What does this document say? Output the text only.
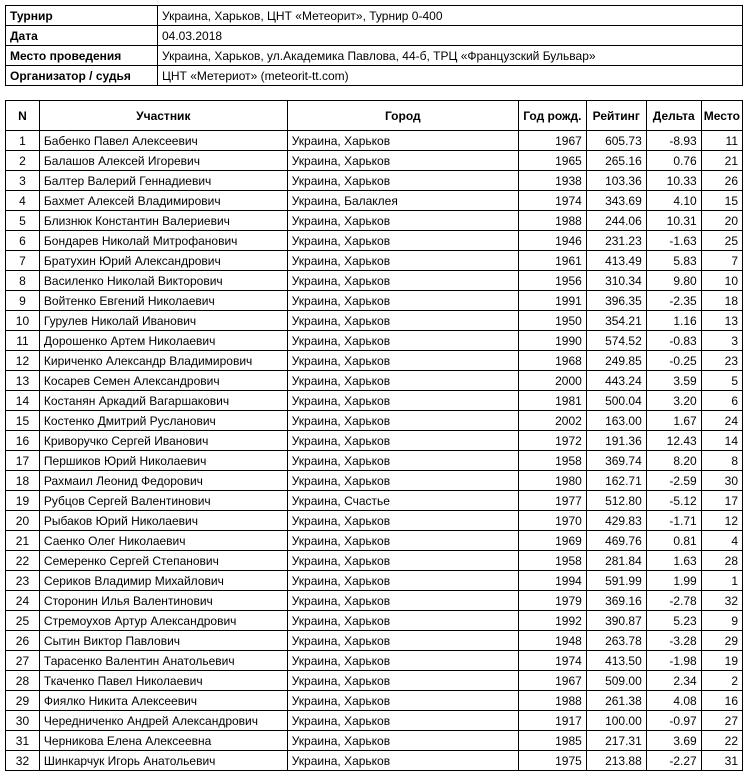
Турнир	Украина, Харьков, ЦНТ «Метеорит», Турнир 0-400
Дата	04.03.2018
Место проведения	Украина, Харьков, ул.Академика Павлова, 44-б, ТРЦ «Французский Бульвар»
Организатор / судья	ЦНТ «Метериот» (meteorit-tt.com)
N	Участник	Город	Год рожд.	Рейтинг	Дельта	Место
1	Бабенко Павел Алексеевич	Украина, Харьков	1967	605.73	-8.93	11
2	Балашов Алексей Игоревич	Украина, Харьков	1965	265.16	0.76	21
3	Балтер Валерий Геннадиевич	Украина, Харьков	1938	103.36	10.33	26
4	Бахмет Алексей Владимирович	Украина, Балаклея	1974	343.69	4.10	15
5	Близнюк Константин Валериевич	Украина, Харьков	1988	244.06	10.31	20
6	Бондарев Николай Митрофанович	Украина, Харьков	1946	231.23	-1.63	25
7	Братухин Юрий Александрович	Украина, Харьков	1961	413.49	5.83	7
8	Василенко Николай Викторович	Украина, Харьков	1956	310.34	9.80	10
9	Войтенко Евгений Николаевич	Украина, Харьков	1991	396.35	-2.35	18
10	Гурулев Николай Иванович	Украина, Харьков	1950	354.21	1.16	13
11	Дорошенко Артем Николаевич	Украина, Харьков	1990	574.52	-0.83	3
12	Кириченко Александр Владимирович	Украина, Харьков	1968	249.85	-0.25	23
13	Косарев Семен Александрович	Украина, Харьков	2000	443.24	3.59	5
14	Костанян Аркадий Вагаршакович	Украина, Харьков	1981	500.04	3.20	6
15	Костенко Дмитрий Русланович	Украина, Харьков	2002	163.00	1.67	24
16	Криворучко Сергей Иванович	Украина, Харьков	1972	191.36	12.43	14
17	Першиков Юрий Николаевич	Украина, Харьков	1958	369.74	8.20	8
18	Рахмаил Леонид Федорович	Украина, Харьков	1980	162.71	-2.59	30
19	Рубцов Сергей Валентинович	Украина, Счастье	1977	512.80	-5.12	17
20	Рыбаков Юрий Николаевич	Украина, Харьков	1970	429.83	-1.71	12
21	Саенко Олег Николаевич	Украина, Харьков	1969	469.76	0.81	4
22	Семеренко Сергей Степанович	Украина, Харьков	1958	281.84	1.63	28
23	Сериков Владимир Михайлович	Украина, Харьков	1994	591.99	1.99	1
24	Сторонин Илья Валентинович	Украина, Харьков	1979	369.16	-2.78	32
25	Стремоухов Артур Александрович	Украина, Харьков	1992	390.87	5.23	9
26	Сытин Виктор Павлович	Украина, Харьков	1948	263.78	-3.28	29
27	Тарасенко Валентин Анатольевич	Украина, Харьков	1974	413.50	-1.98	19
28	Ткаченко Павел Николаевич	Украина, Харьков	1967	509.00	2.34	2
29	Фиялко Никита Алексеевич	Украина, Харьков	1988	261.38	4.08	16
30	Чередниченко Андрей Александрович	Украина, Харьков	1917	100.00	-0.97	27
31	Черникова Елена Алексеевна	Украина, Харьков	1985	217.31	3.69	22
32	Шинкарчук Игорь Анатольевич	Украина, Харьков	1975	213.88	-2.27	31
